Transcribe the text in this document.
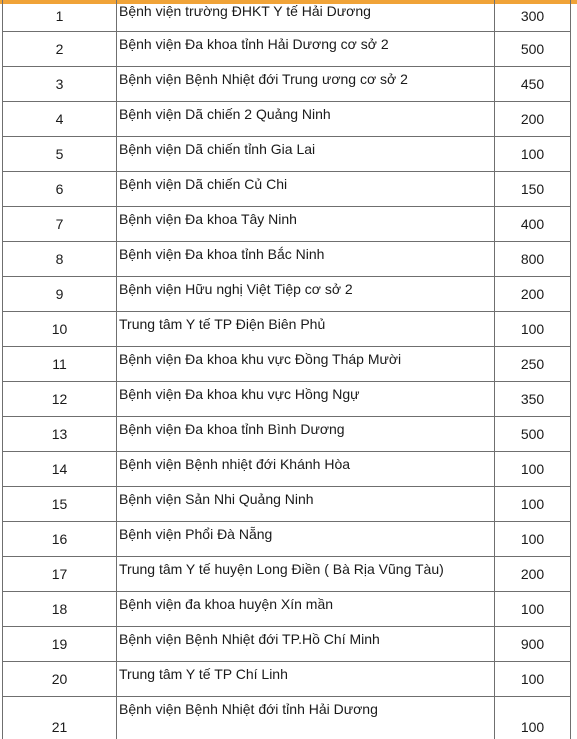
1	Bệnh viện trường ĐHKT Y tế Hải Dương	300
2	Bệnh viện Đa khoa tỉnh Hải Dương cơ sở 2	500
3	Bệnh viện Bệnh Nhiệt đới Trung ương cơ sở 2	450
4	Bệnh viện Dã chiến 2 Quảng Ninh	200
5	Bệnh viện Dã chiến tỉnh Gia Lai	100
6	Bệnh viện Dã chiến Củ Chi	150
7	Bệnh viện Đa khoa Tây Ninh	400
8	Bệnh viện Đa khoa tỉnh Bắc Ninh	800
9	Bệnh viện Hữu nghị Việt Tiệp cơ sở 2	200
10	Trung tâm Y tế TP Điện Biên Phủ	100
11	Bệnh viện Đa khoa khu vực Đồng Tháp Mười	250
12	Bệnh viện Đa khoa khu vực Hồng Ngự	350
13	Bệnh viện Đa khoa tỉnh Bình Dương	500
14	Bệnh viện Bệnh nhiệt đới Khánh Hòa	100
15	Bệnh viện Sản Nhi Quảng Ninh	100
16	Bệnh viện Phổi Đà Nẵng	100
17	Trung tâm Y tế huyện Long Điền ( Bà Rịa Vũng Tàu)	200
18	Bệnh viện đa khoa huyện Xín mần	100
19	Bệnh viện Bệnh Nhiệt đới TP.Hồ Chí Minh	900
20	Trung tâm Y tế TP Chí Linh	100
21	Bệnh viện Bệnh Nhiệt đới tỉnh Hải Dương	100
